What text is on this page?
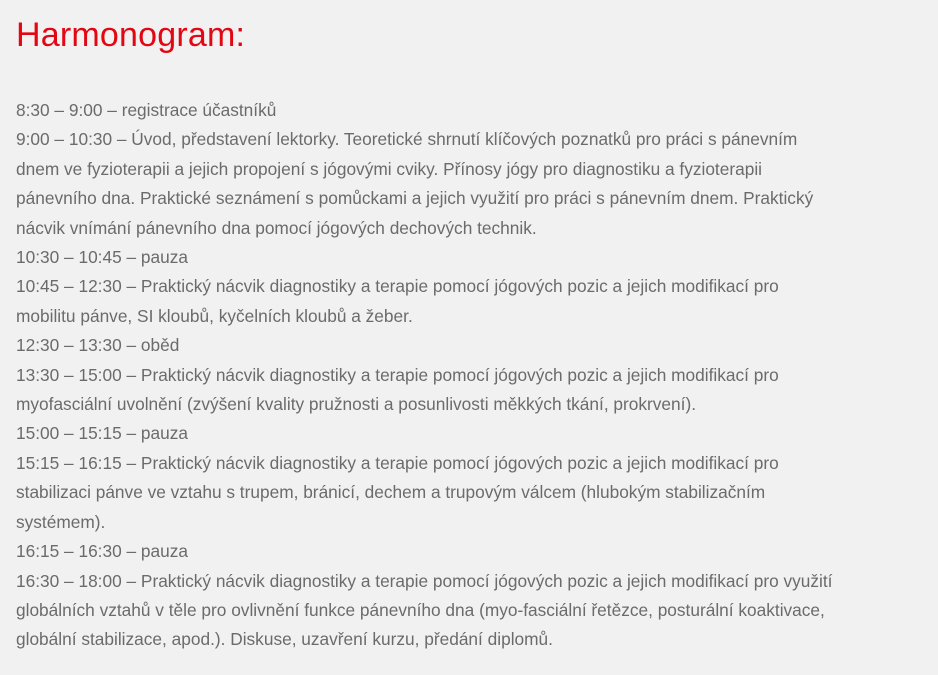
Harmonogram:
8:30 – 9:00 – registrace účastníků
9:00 – 10:30 – Úvod, představení lektorky. Teoretické shrnutí klíčových poznatků pro práci s pánevním
dnem ve fyzioterapii a jejich propojení s jógovými cviky. Přínosy jógy pro diagnostiku a fyzioterapii
pánevního dna. Praktické seznámení s pomůckami a jejich využití pro práci s pánevním dnem. Praktický
nácvik vnímání pánevního dna pomocí jógových dechových technik.
10:30 – 10:45 – pauza
10:45 – 12:30 – Praktický nácvik diagnostiky a terapie pomocí jógových pozic a jejich modifikací pro
mobilitu pánve, SI kloubů, kyčelních kloubů a žeber.
12:30 – 13:30 – oběd
13:30 – 15:00 – Praktický nácvik diagnostiky a terapie pomocí jógových pozic a jejich modifikací pro
myofasciální uvolnění (zvýšení kvality pružnosti a posunlivosti měkkých tkání, prokrvení).
15:00 – 15:15 – pauza
15:15 – 16:15 – Praktický nácvik diagnostiky a terapie pomocí jógových pozic a jejich modifikací pro
stabilizaci pánve ve vztahu s trupem, bránicí, dechem a trupovým válcem (hlubokým stabilizačním
systémem).
16:15 – 16:30 – pauza
16:30 – 18:00 – Praktický nácvik diagnostiky a terapie pomocí jógových pozic a jejich modifikací pro využití
globálních vztahů v těle pro ovlivnění funkce pánevního dna (myo-fasciální řetězce, posturální koaktivace,
globální stabilizace, apod.). Diskuse, uzavření kurzu, předání diplomů.
